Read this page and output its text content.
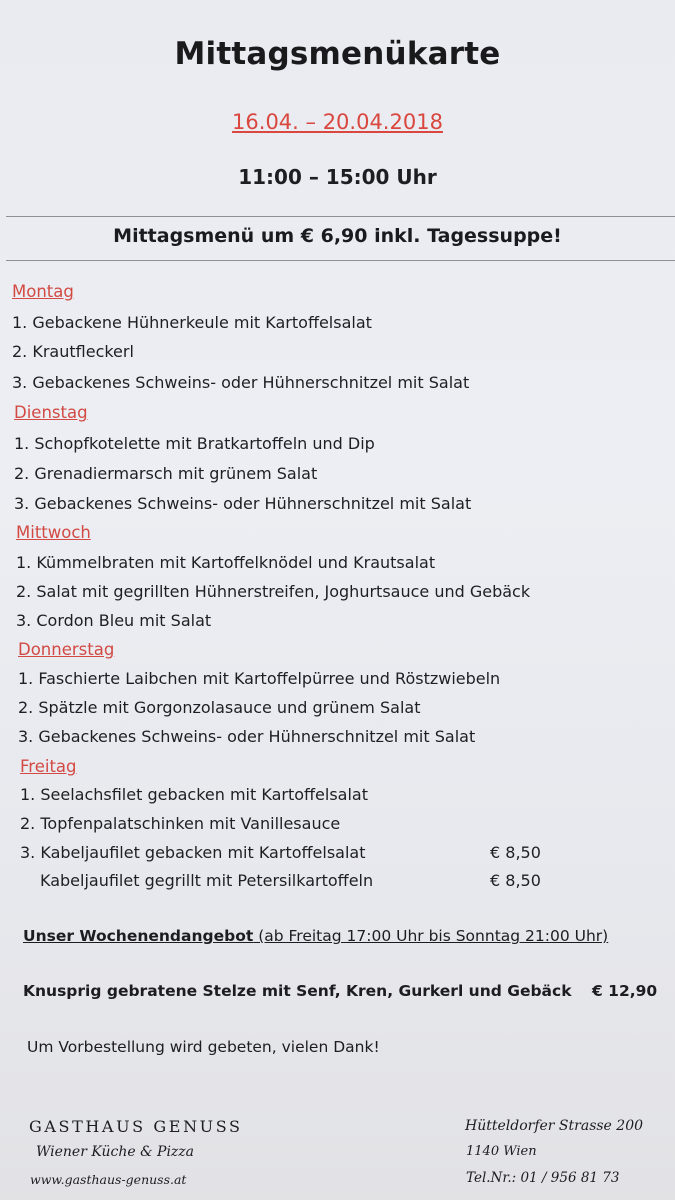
Mittagsmenükarte
16.04. – 20.04.2018
11:00 – 15:00 Uhr
Mittagsmenü um € 6,90 inkl. Tagessuppe!
Montag
1. Gebackene Hühnerkeule mit Kartoffelsalat
2. Krautfleckerl
3. Gebackenes Schweins- oder Hühnerschnitzel mit Salat
Dienstag
1. Schopfkotelette mit Bratkartoffeln und Dip
2. Grenadiermarsch mit grünem Salat
3. Gebackenes Schweins- oder Hühnerschnitzel mit Salat
Mittwoch
1. Kümmelbraten mit Kartoffelknödel und Krautsalat
2. Salat mit gegrillten Hühnerstreifen, Joghurtsauce und Gebäck
3. Cordon Bleu mit Salat
Donnerstag
1. Faschierte Laibchen mit Kartoffelpürree und Röstzwiebeln
2. Spätzle mit Gorgonzolasauce und grünem Salat
3. Gebackenes Schweins- oder Hühnerschnitzel mit Salat
Freitag
1. Seelachsfilet gebacken mit Kartoffelsalat
2. Topfenpalatschinken mit Vanillesauce
3. Kabeljaufilet gebacken mit Kartoffelsalat	€ 8,50
Kabeljaufilet gegrillt mit Petersilkartoffeln	€ 8,50
Unser Wochenendangebot (ab Freitag 17:00 Uhr bis Sonntag 21:00 Uhr)
Knusprig gebratene Stelze mit Senf, Kren, Gurkerl und Gebäck € 12,90
Um Vorbestellung wird gebeten, vielen Dank!
GASTHAUS GENUSS
Wiener Küche & Pizza
www.gasthaus-genuss.at
Hütteldorfer Strasse 200
1140 Wien
Tel.Nr.: 01 / 956 81 73
